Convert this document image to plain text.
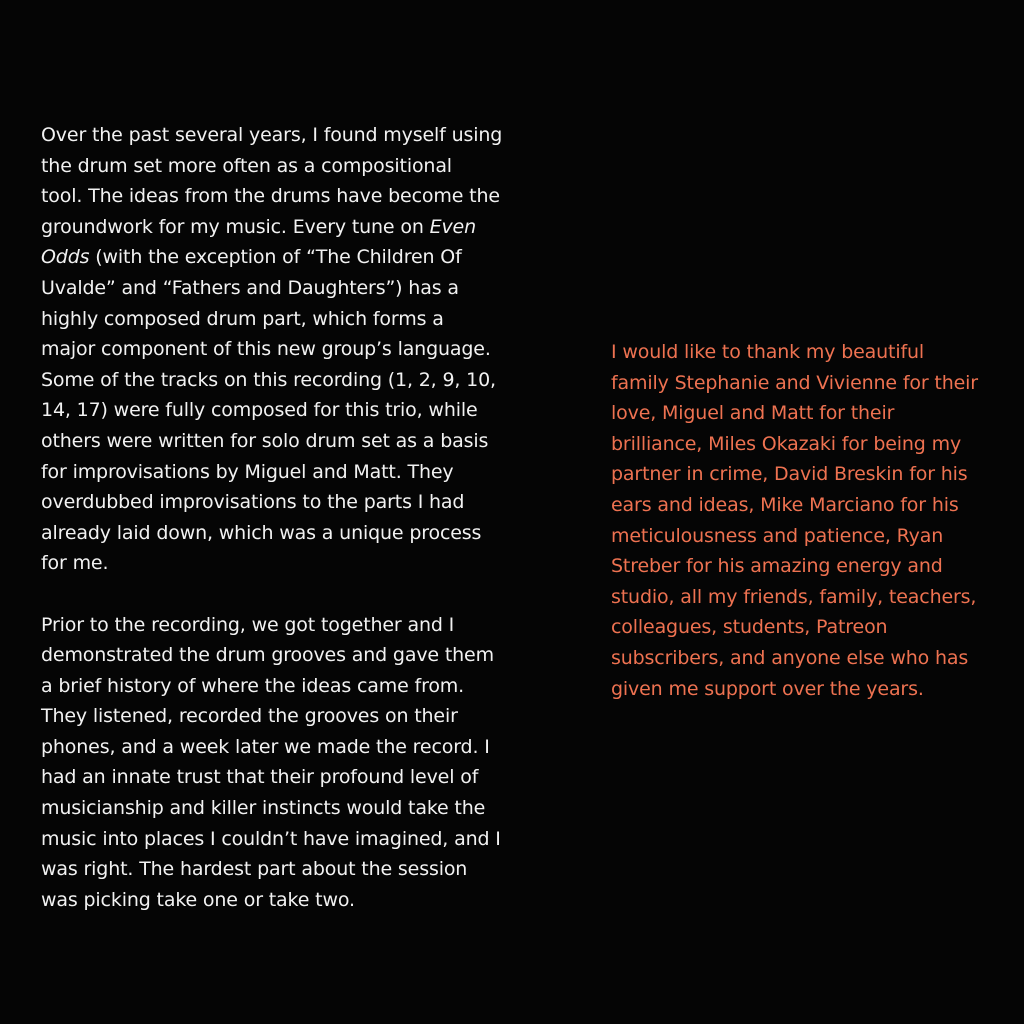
Over the past several years, I found myself using
the drum set more often as a compositional
tool. The ideas from the drums have become the
groundwork for my music. Every tune on Even
Odds (with the exception of “The Children Of
Uvalde” and “Fathers and Daughters”) has a
highly composed drum part, which forms a
major component of this new group’s language.
Some of the tracks on this recording (1, 2, 9, 10,
14, 17) were fully composed for this trio, while
others were written for solo drum set as a basis
for improvisations by Miguel and Matt. They
overdubbed improvisations to the parts I had
already laid down, which was a unique process
for me.

Prior to the recording, we got together and I
demonstrated the drum grooves and gave them
a brief history of where the ideas came from.
They listened, recorded the grooves on their
phones, and a week later we made the record. I
had an innate trust that their profound level of
musicianship and killer instincts would take the
music into places I couldn’t have imagined, and I
was right. The hardest part about the session
was picking take one or take two.

I would like to thank my beautiful
family Stephanie and Vivienne for their
love, Miguel and Matt for their
brilliance, Miles Okazaki for being my
partner in crime, David Breskin for his
ears and ideas, Mike Marciano for his
meticulousness and patience, Ryan
Streber for his amazing energy and
studio, all my friends, family, teachers,
colleagues, students, Patreon
subscribers, and anyone else who has
given me support over the years.
